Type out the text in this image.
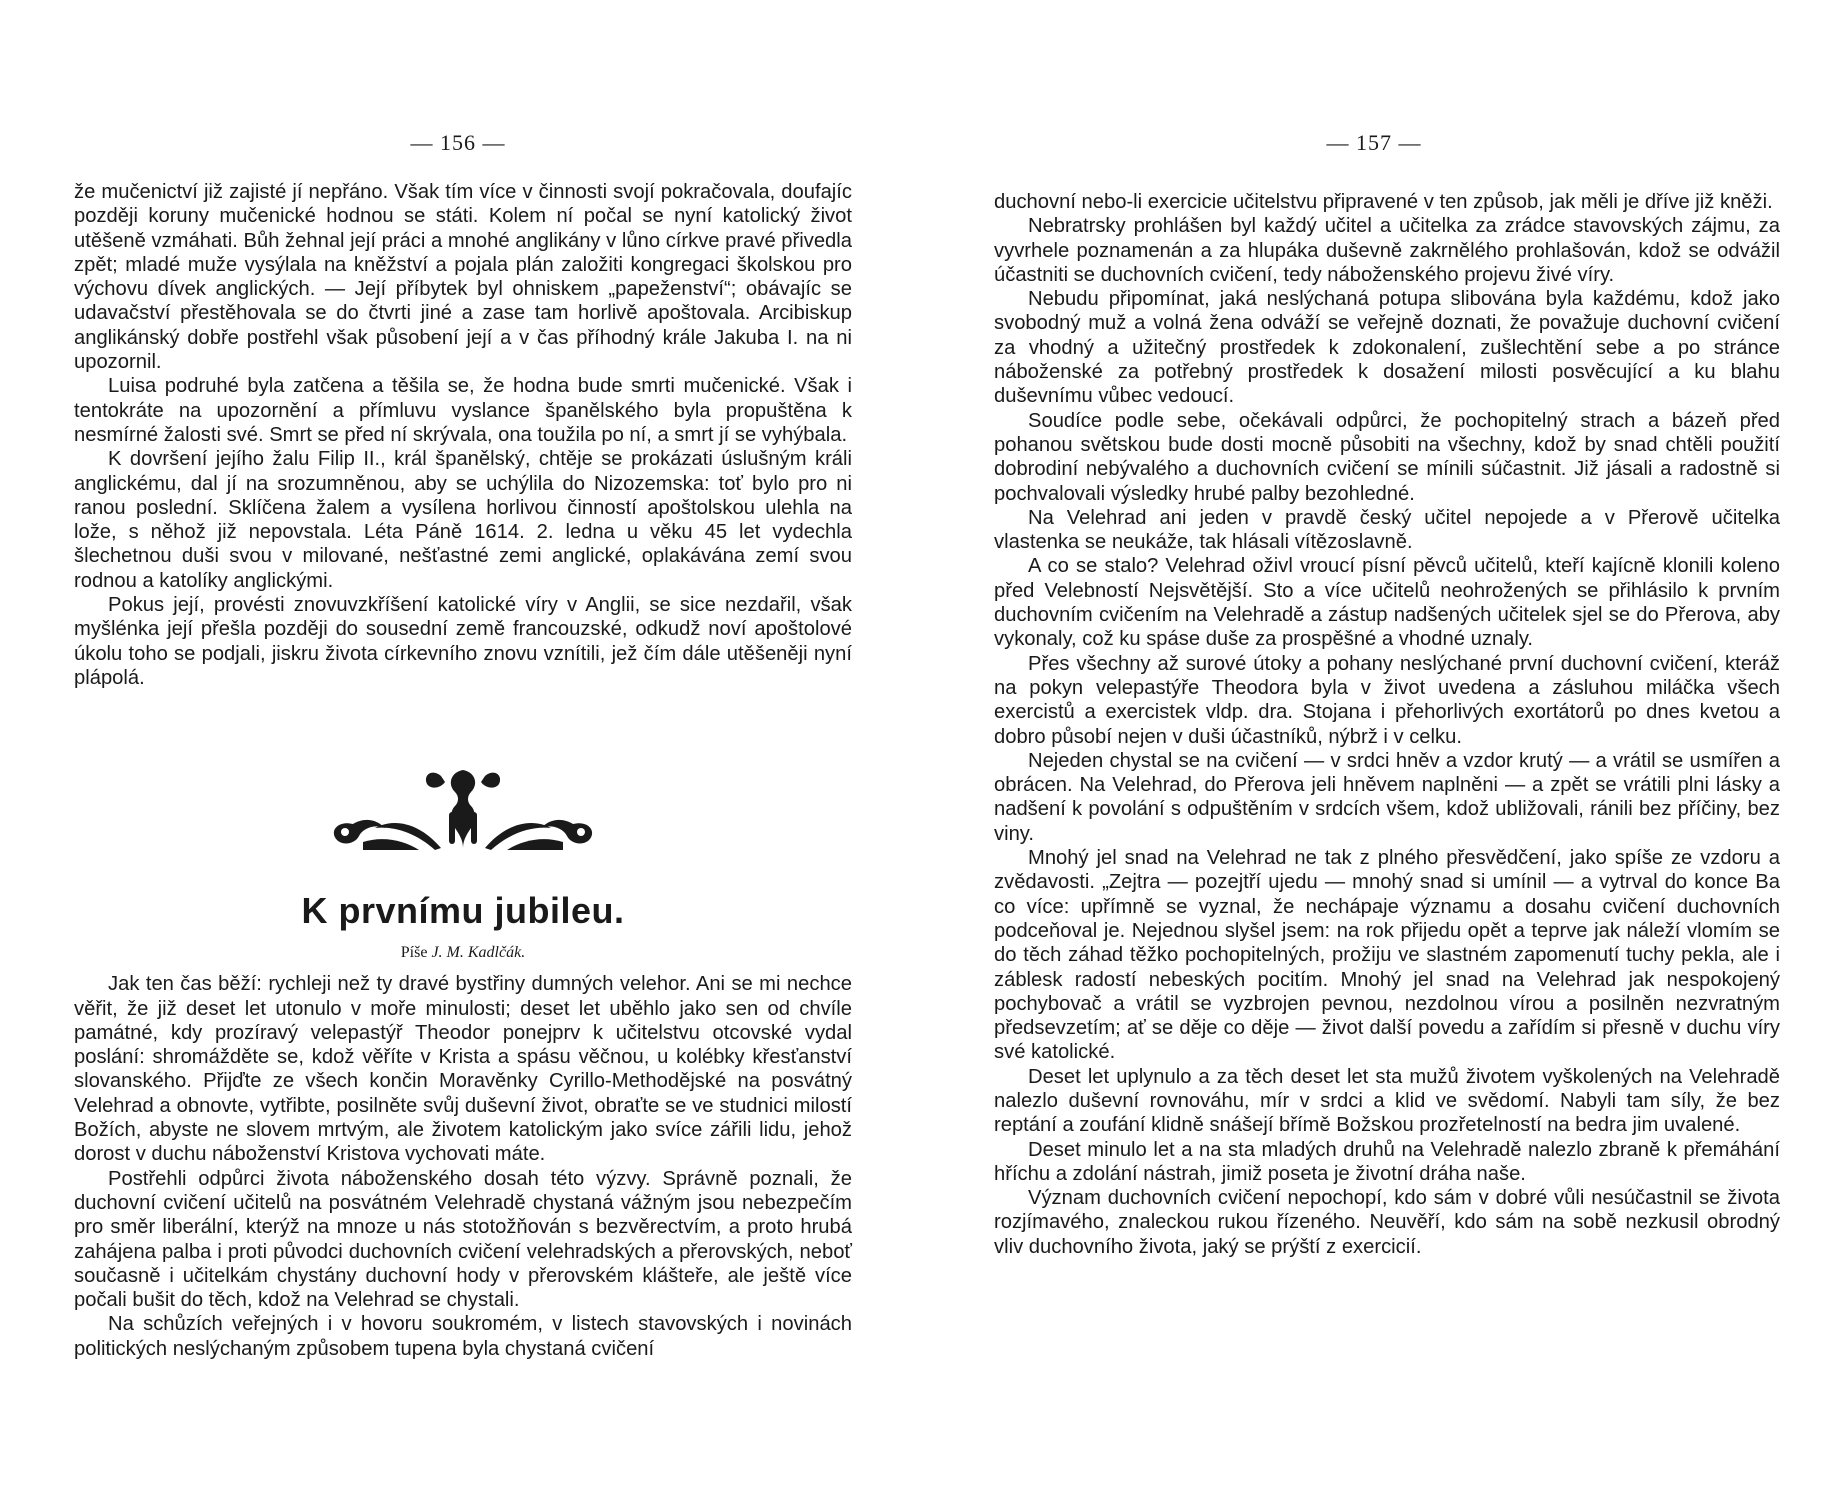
— 156 —

že mučenictví již zajisté jí nepřáno. Však tím více v činnosti svojí pokračovala, doufajíc později koruny mučenické hodnou se státi. Kolem ní počal se nyní katolický život utěšeně vzmáhati. Bůh žehnal její práci a mnohé anglikány v lůno církve pravé přivedla zpět; mladé muže vysýlala na kněžství a pojala plán založiti kongregaci školskou pro výchovu dívek anglických. — Její příbytek byl ohniskem „papeženství“; obávajíc se udavačství přestěhovala se do čtvrti jiné a zase tam horlivě apoštovala. Arcibiskup anglikánský dobře postřehl však působení její a v čas příhodný krále Jakuba I. na ni upozornil.

Luisa podruhé byla zatčena a těšila se, že hodna bude smrti mučenické. Však i tentokráte na upozornění a přímluvu vyslance španělského byla propuštěna k nesmírné žalosti své. Smrt se před ní skrývala, ona toužila po ní, a smrt jí se vyhýbala.

K dovršení jejího žalu Filip II., král španělský, chtěje se prokázati úslušným králi anglickému, dal jí na srozumněnou, aby se uchýlila do Nizozemska: toť bylo pro ni ranou poslední. Sklíčena žalem a vysílena horlivou činností apoštolskou ulehla na lože, s něhož již nepovstala. Léta Páně 1614. 2. ledna u věku 45 let vydechla šlechetnou duši svou v milované, nešťastné zemi anglické, oplakávána zemí svou rodnou a katolíky anglickými.

Pokus její, provésti znovuvzkříšení katolické víry v Anglii, se sice nezdařil, však myšlénka její přešla později do sousední země francouzské, odkudž noví apoštolové úkolu toho se podjali, jiskru života církevního znovu vznítili, jež čím dále utěšeněji nyní plápolá.

K prvnímu jubileu.

Píše J. M. Kadlčák.

Jak ten čas běží: rychleji než ty dravé bystřiny dumných velehor. Ani se mi nechce věřit, že již deset let utonulo v moře minulosti; deset let uběhlo jako sen od chvíle památné, kdy prozíravý velepastýř Theodor ponejprv k učitelstvu otcovské vydal poslání: shromážděte se, kdož věříte v Krista a spásu věčnou, u kolébky křesťanství slovanského. Přijďte ze všech končin Moravěnky Cyrillo-Methodějské na posvátný Velehrad a obnovte, vytřibte, posilněte svůj duševní život, obraťte se ve studnici milostí Božích, abyste ne slovem mrtvým, ale životem katolickým jako svíce zářili lidu, jehož dorost v duchu náboženství Kristova vychovati máte.

Postřehli odpůrci života náboženského dosah této výzvy. Správně poznali, že duchovní cvičení učitelů na posvátném Velehradě chystaná vážným jsou nebezpečím pro směr liberální, kterýž na mnoze u nás stotožňován s bezvěrectvím, a proto hrubá zahájena palba i proti původci duchovních cvičení velehradských a přerovských, neboť současně i učitelkám chystány duchovní hody v přerovském klášteře, ale ještě více počali bušit do těch, kdož na Velehrad se chystali.

Na schůzích veřejných i v hovoru soukromém, v listech stavovských i novinách politických neslýchaným způsobem tupena byla chystaná cvičení

— 157 —

duchovní nebo-li exercicie učitelstvu připravené v ten způsob, jak měli je dříve již kněži.

Nebratrsky prohlášen byl každý učitel a učitelka za zrádce stavovských zájmu, za vyvrhele poznamenán a za hlupáka duševně zakrnělého prohlašován, kdož se odvážil účastniti se duchovních cvičení, tedy náboženského projevu živé víry.

Nebudu připomínat, jaká neslýchaná potupa slibována byla každému, kdož jako svobodný muž a volná žena odváží se veřejně doznati, že považuje duchovní cvičení za vhodný a užitečný prostředek k zdokonalení, zušlechtění sebe a po stránce náboženské za potřebný prostředek k dosažení milosti posvěcující a ku blahu duševnímu vůbec vedoucí.

Soudíce podle sebe, očekávali odpůrci, že pochopitelný strach a bázeň před pohanou světskou bude dosti mocně působiti na všechny, kdož by snad chtěli použití dobrodiní nebývalého a duchovních cvičení se mínili súčastnit. Již jásali a radostně si pochvalovali výsledky hrubé palby bezohledné.

Na Velehrad ani jeden v pravdě český učitel nepojede a v Přerově učitelka vlastenka se neukáže, tak hlásali vítězoslavně.

A co se stalo? Velehrad oživl vroucí písní pěvců učitelů, kteří kajícně klonili koleno před Velebností Nejsvětější. Sto a více učitelů neohrožených se přihlásilo k prvním duchovním cvičením na Velehradě a zástup nadšených učitelek sjel se do Přerova, aby vykonaly, což ku spáse duše za prospěšné a vhodné uznaly.

Přes všechny až surové útoky a pohany neslýchané první duchovní cvičení, kteráž na pokyn velepastýře Theodora byla v život uvedena a zásluhou miláčka všech exercistů a exercistek vldp. dra. Stojana i přehorlivých exortátorů po dnes kvetou a dobro působí nejen v duši účastníků, nýbrž i v celku.

Nejeden chystal se na cvičení — v srdci hněv a vzdor krutý — a vrátil se usmířen a obrácen. Na Velehrad, do Přerova jeli hněvem naplněni — a zpět se vrátili plni lásky a nadšení k povolání s odpuštěním v srdcích všem, kdož ubližovali, ránili bez příčiny, bez viny.

Mnohý jel snad na Velehrad ne tak z plného přesvědčení, jako spíše ze vzdoru a zvědavosti. „Zejtra — pozejtří ujedu — mnohý snad si umínil — a vytrval do konce Ba co více: upřímně se vyznal, že nechápaje významu a dosahu cvičení duchovních podceňoval je. Nejednou slyšel jsem: na rok přijedu opět a teprve jak náleží vlomím se do těch záhad těžko pochopitelných, prožiju ve slastném zapomenutí tuchy pekla, ale i záblesk radostí nebeských pocitím. Mnohý jel snad na Velehrad jak nespokojený pochybovač a vrátil se vyzbrojen pevnou, nezdolnou vírou a posilněn nezvratným předsevzetím; ať se děje co děje — život další povedu a zařídím si přesně v duchu víry své katolické.

Deset let uplynulo a za těch deset let sta mužů životem vyškolených na Velehradě nalezlo duševní rovnováhu, mír v srdci a klid ve svědomí. Nabyli tam síly, že bez reptání a zoufání klidně snášejí břímě Božskou prozřetelností na bedra jim uvalené.

Deset minulo let a na sta mladých druhů na Velehradě nalezlo zbraně k přemáhání hříchu a zdolání nástrah, jimiž poseta je životní dráha naše.

Význam duchovních cvičení nepochopí, kdo sám v dobré vůli nesúčastnil se života rozjímavého, znaleckou rukou řízeného. Neuvěří, kdo sám na sobě nezkusil obrodný vliv duchovního života, jaký se prýští z exercicií.
